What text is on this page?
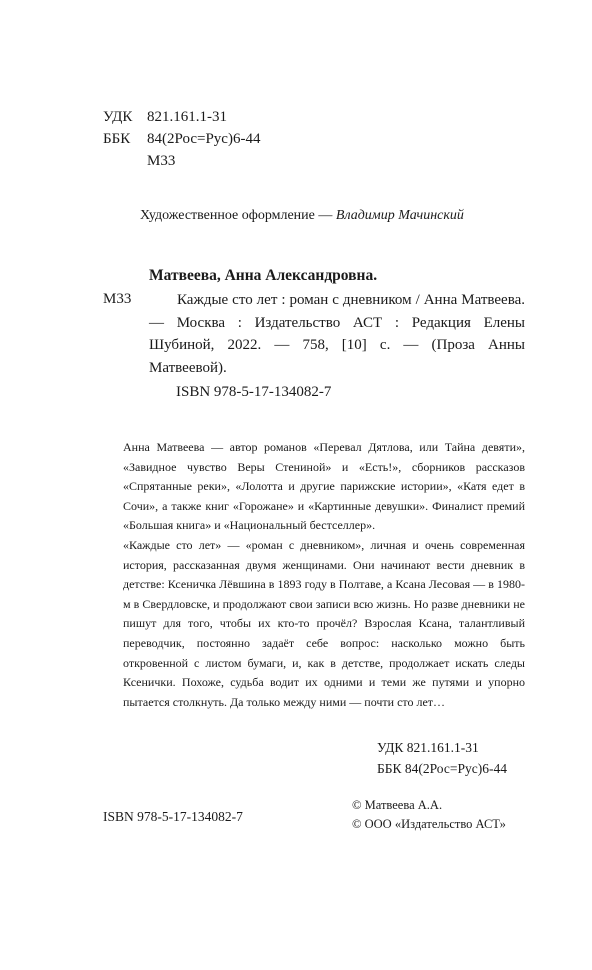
УДК 821.161.1-31
ББК 84(2Рос=Рус)6-44
М33
Художественное оформление — Владимир Мачинский
Матвеева, Анна Александровна.
М33	Каждые сто лет : роман с дневником / Анна Матвеева. — Москва : Издательство АСТ : Редакция Елены Шубиной, 2022. — 758, [10] с. — (Проза Анны Матвеевой).

ISBN 978-5-17-134082-7

Анна Матвеева — автор романов «Перевал Дятлова, или Тайна девяти», «Завидное чувство Веры Стениной» и «Есть!», сборников рассказов «Спрятанные реки», «Лолотта и другие парижские истории», «Катя едет в Сочи», а также книг «Горожане» и «Картинные девушки». Финалист премий «Большая книга» и «Национальный бестселлер».

«Каждые сто лет» — «роман с дневником», личная и очень современная история, рассказанная двумя женщинами. Они начинают вести дневник в детстве: Ксеничка Лёвшина в 1893 году в Полтаве, а Ксана Лесовая — в 1980-м в Свердловске, и продолжают свои записи всю жизнь. Но разве дневники не пишут для того, чтобы их кто-то прочёл? Взрослая Ксана, талантливый переводчик, постоянно задаёт себе вопрос: насколько можно быть откровенной с листом бумаги, и, как в детстве, продолжает искать следы Ксенички. Похоже, судьба водит их одними и теми же путями и упорно пытается столкнуть. Да только между ними — почти сто лет…

УДК 821.161.1-31
ББК 84(2Рос=Рус)6-44
ISBN 978-5-17-134082-7
© Матвеева А.А.
© ООО «Издательство АСТ»
